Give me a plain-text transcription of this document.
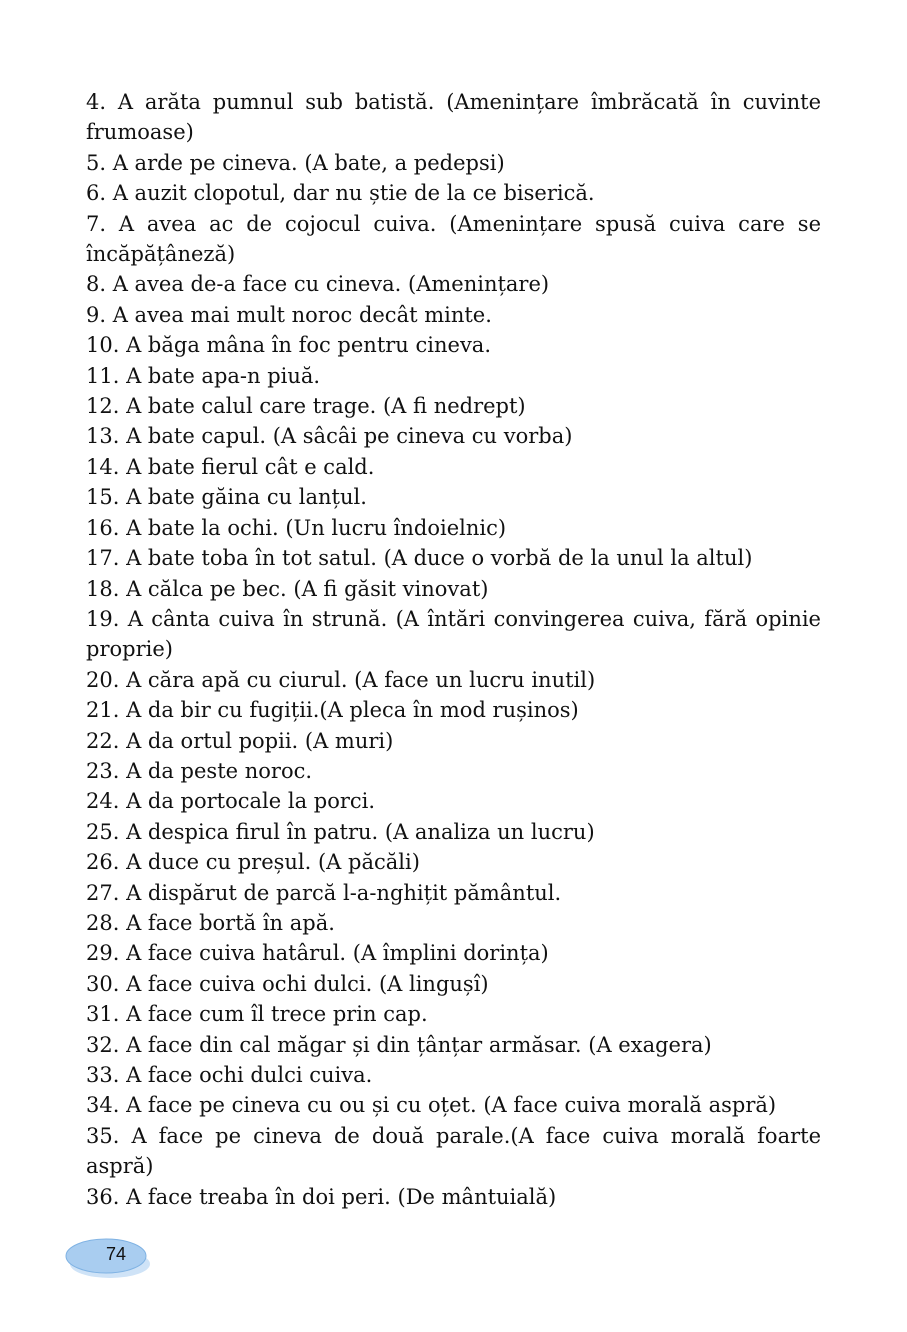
4. A arăta pumnul sub batistă. (Amenințare îmbrăcată în cuvinte frumoase)

5. A arde pe cineva. (A bate, a pedepsi)

6. A auzit clopotul, dar nu știe de la ce biserică.

7. A avea ac de cojocul cuiva. (Amenințare spusă cuiva care se încăpățâneză)

8. A avea de-a face cu cineva. (Amenințare)

9. A avea mai mult noroc decât minte.

10. A băga mâna în foc pentru cineva.

11. A bate apa-n piuă.

12. A bate calul care trage. (A fi nedrept)

13. A bate capul. (A sâcâi pe cineva cu vorba)

14. A bate fierul cât e cald.

15. A bate găina cu lanțul.

16. A bate la ochi. (Un lucru îndoielnic)

17. A bate toba în tot satul. (A duce o vorbă de la unul la altul)

18. A călca pe bec. (A fi găsit vinovat)

19. A cânta cuiva în strună. (A întări convingerea cuiva, fără opinie proprie)

20. A căra apă cu ciurul. (A face un lucru inutil)

21. A da bir cu fugiții.(A pleca în mod rușinos)

22. A da ortul popii. (A muri)

23. A da peste noroc.

24. A da portocale la porci.

25. A despica firul în patru. (A analiza un lucru)

26. A duce cu preșul. (A păcăli)

27. A dispărut de parcă l-a-nghițit pământul.

28. A face bortă în apă.

29. A face cuiva hatârul. (A împlini dorința)

30. A face cuiva ochi dulci. (A lingușî)

31. A face cum îl trece prin cap.

32. A face din cal măgar și din țânțar armăsar. (A exagera)

33. A face ochi dulci cuiva.

34. A face pe cineva cu ou și cu oțet. (A face cuiva morală aspră)

35. A face pe cineva de două parale.(A face cuiva morală foarte aspră)

36. A face treaba în doi peri. (De mântuială)

74
